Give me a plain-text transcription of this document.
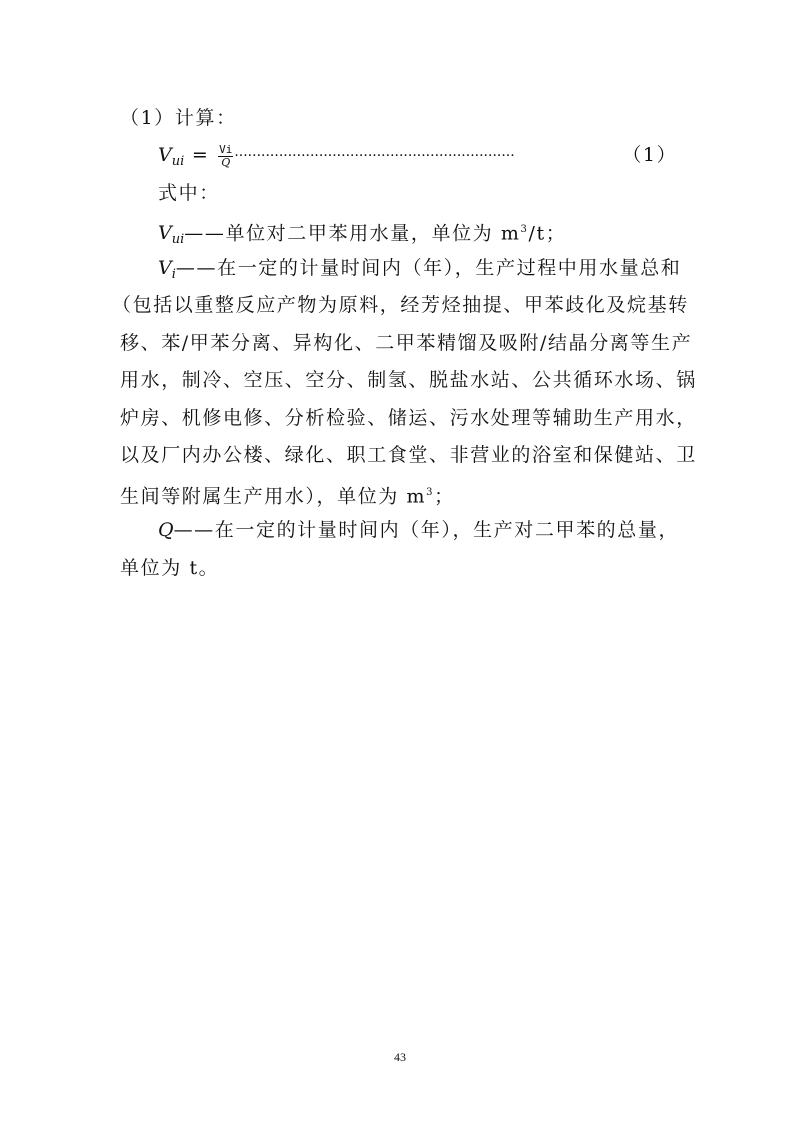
（1）计算：
$V_{ui} = \frac{Vi}{Q}$ ·······························································	（1）
式中：
$V_{ui}——$单位对二甲苯用水量，单位为 $m^3/t$；
$V_i——$在一定的计量时间内（年），生产过程中用水量总和
（包括以重整反应产物为原料，经芳烃抽提、甲苯歧化及烷基转
移、苯/甲苯分离、异构化、二甲苯精馏及吸附/结晶分离等生产
用水，制冷、空压、空分、制氢、脱盐水站、公共循环水场、锅
炉房、机修电修、分析检验、储运、污水处理等辅助生产用水，
以及厂内办公楼、绿化、职工食堂、非营业的浴室和保健站、卫
生间等附属生产用水），单位为 $m^3$；
Q——在一定的计量时间内（年），生产对二甲苯的总量，
单位为 t。
43
